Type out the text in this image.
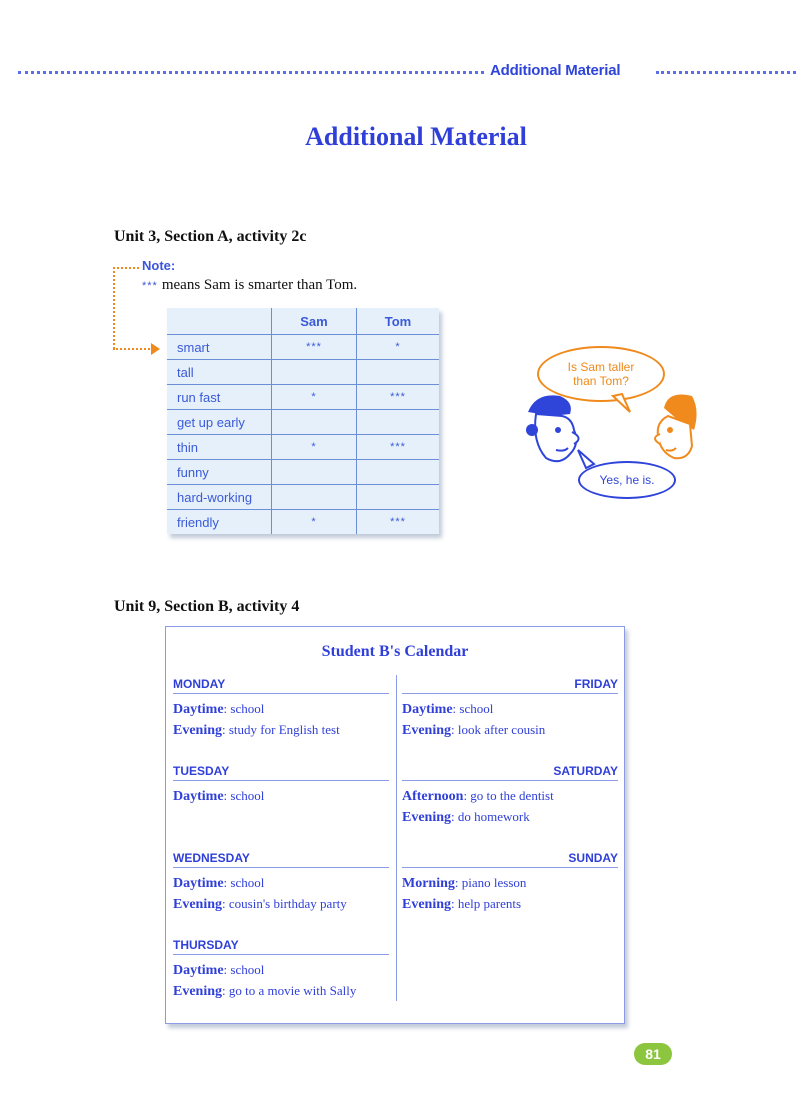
Additional Material
Additional Material
Unit 3, Section A, activity 2c
Note:
*** means Sam is smarter than Tom.
	Sam	Tom
smart	***	*
tall		
run fast	*	***
get up early		
thin	*	***
funny		
hard-working		
friendly	*	***
Is Sam taller
than Tom?
Yes, he is.
Unit 9, Section B, activity 4
Student B's Calendar
MONDAY
Daytime: school
Evening: study for English test
TUESDAY
Daytime: school
WEDNESDAY
Daytime: school
Evening: cousin's birthday party
THURSDAY
Daytime: school
Evening: go to a movie with Sally
FRIDAY
Daytime: school
Evening: look after cousin
SATURDAY
Afternoon: go to the dentist
Evening: do homework
SUNDAY
Morning: piano lesson
Evening: help parents
81
